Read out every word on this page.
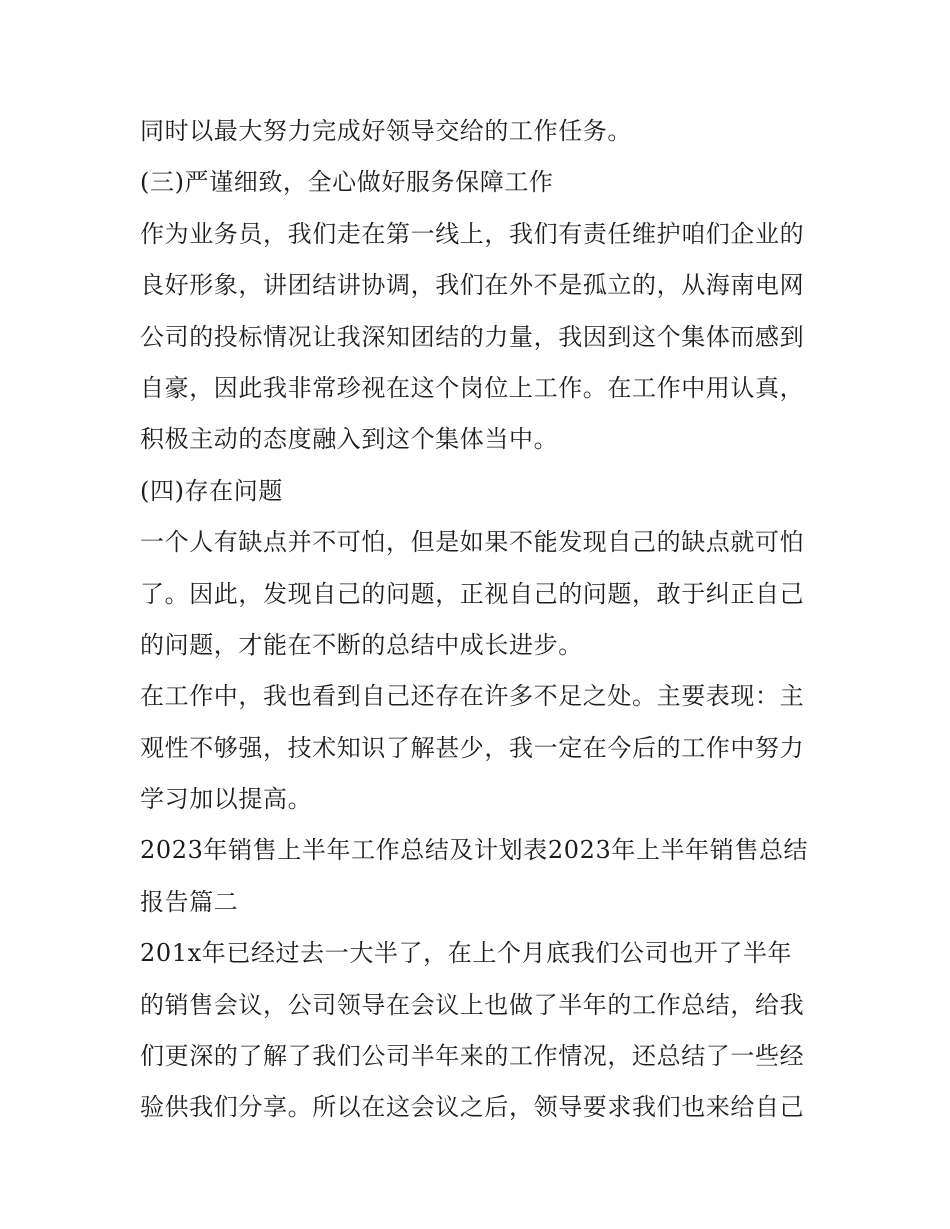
同时以最大努力完成好领导交给的工作任务。
(三)严谨细致，全心做好服务保障工作
作为业务员，我们走在第一线上，我们有责任维护咱们企业的
良好形象，讲团结讲协调，我们在外不是孤立的，从海南电网
公司的投标情况让我深知团结的力量，我因到这个集体而感到
自豪，因此我非常珍视在这个岗位上工作。在工作中用认真，
积极主动的态度融入到这个集体当中。
(四)存在问题
一个人有缺点并不可怕，但是如果不能发现自己的缺点就可怕
了。因此，发现自己的问题，正视自己的问题，敢于纠正自己
的问题，才能在不断的总结中成长进步。
在工作中，我也看到自己还存在许多不足之处。主要表现：主
观性不够强，技术知识了解甚少，我一定在今后的工作中努力
学习加以提高。
2023年销售上半年工作总结及计划表2023年上半年销售总结
报告篇二
201x年已经过去一大半了，在上个月底我们公司也开了半年
的销售会议，公司领导在会议上也做了半年的工作总结，给我
们更深的了解了我们公司半年来的工作情况，还总结了一些经
验供我们分享。所以在这会议之后，领导要求我们也来给自己
